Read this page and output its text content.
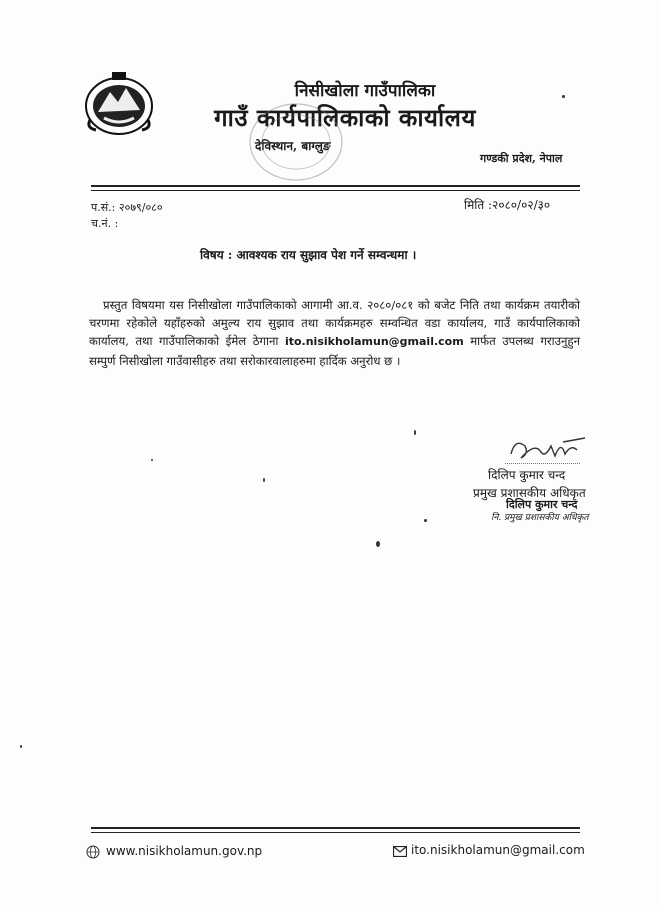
निसीखोला गाउँपालिका
गाउँ कार्यपालिकाको कार्यालय
देविस्थान, बाग्लुङ
गण्डकी प्रदेश, नेपाल
प.सं.: २०७९/०८०
च.नं. :
मिति :२०८०/०२/३०
विषय : आवश्यक राय सुझाव पेश गर्ने सम्वन्धमा ।
प्रस्तुत विषयमा यस निसीखोला गाउँपालिकाको आगामी आ.व. २०८०/०८१ को बजेट निति तथा कार्यक्रम तयारीको चरणमा रहेकोले यहाँहरुको अमुल्य राय सुझाव तथा कार्यक्रमहरु सम्वन्धित वडा कार्यालय, गाउँ कार्यपालिकाको कार्यालय, तथा गाउँपालिकाको ईमेल ठेगाना ito.nisikholamun@gmail.com मार्फत उपलब्ध गराउनुहुन सम्पुर्ण निसीखोला गाउँवासीहरु तथा सरोकारवालाहरुमा हार्दिक अनुरोध छ ।
दिलिप कुमार चन्द
प्रमुख प्रशासकीय अधिकृत
दिलिप कुमार चन्द
नि. प्रमुख प्रशासकीय अधिकृत
www.nisikholamun.gov.np	ito.nisikholamun@gmail.com
